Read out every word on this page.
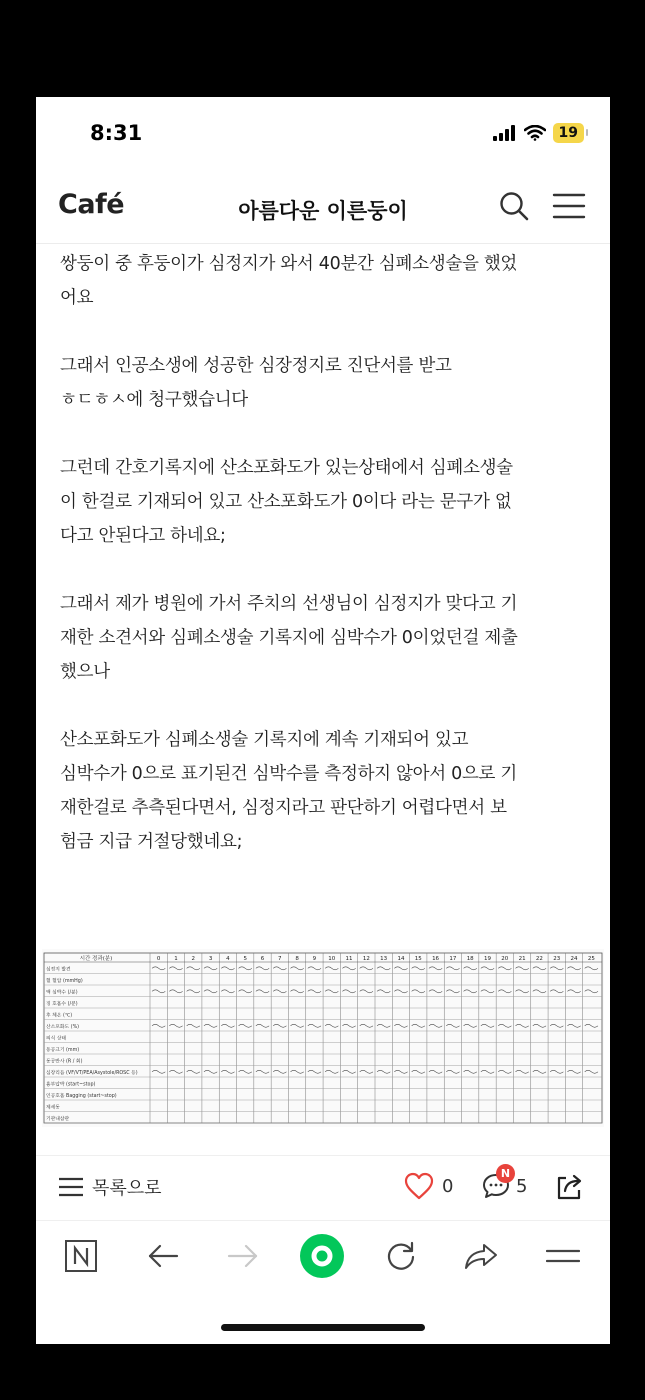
8:31	19
Café	아름다운 이른둥이

쌍둥이 중 후둥이가 심정지가 와서 40분간 심폐소생술을 했었
어요

그래서 인공소생에 성공한 심장정지로 진단서를 받고
ㅎㄷㅎㅅ에 청구했습니다

그런데 간호기록지에 산소포화도가 있는상태에서 심폐소생술
이 한걸로 기재되어 있고 산소포화도가 0이다 라는 문구가 없
다고 안된다고 하네요;

그래서 제가 병원에 가서 주치의 선생님이 심정지가 맞다고 기
재한 소견서와 심폐소생술 기록지에 심박수가 0이었던걸 제출
했으나

산소포화도가 심폐소생술 기록지에 계속 기재되어 있고
심박수가 0으로 표기된건 심박수를 측정하지 않아서 0으로 기
재한걸로 추측된다면서, 심정지라고 판단하기 어렵다면서 보
험금 지급 거절당했네요;

시간 경과(분)	0	1	2	3	4	5	6	7	8	9 10 11 12 13 14 15 16 17 18 19 20 21 22 23 24 25
심정지 발견
혈 혈압 (mmHg)
액 심박수 (/분)
징 호흡수 (/분)
후 체온 (℃)
산소포화도 (%)
의식 상태
동공크기 (mm)
동공반사 (R / 회)
심장리듬 (VF/VT/PEA/Asystole/ROSC 등)
흉부압박 (start~stop)
인공호흡 Bagging (start~stop)
제세동
기관내삽관
목록으로	0
N
5
